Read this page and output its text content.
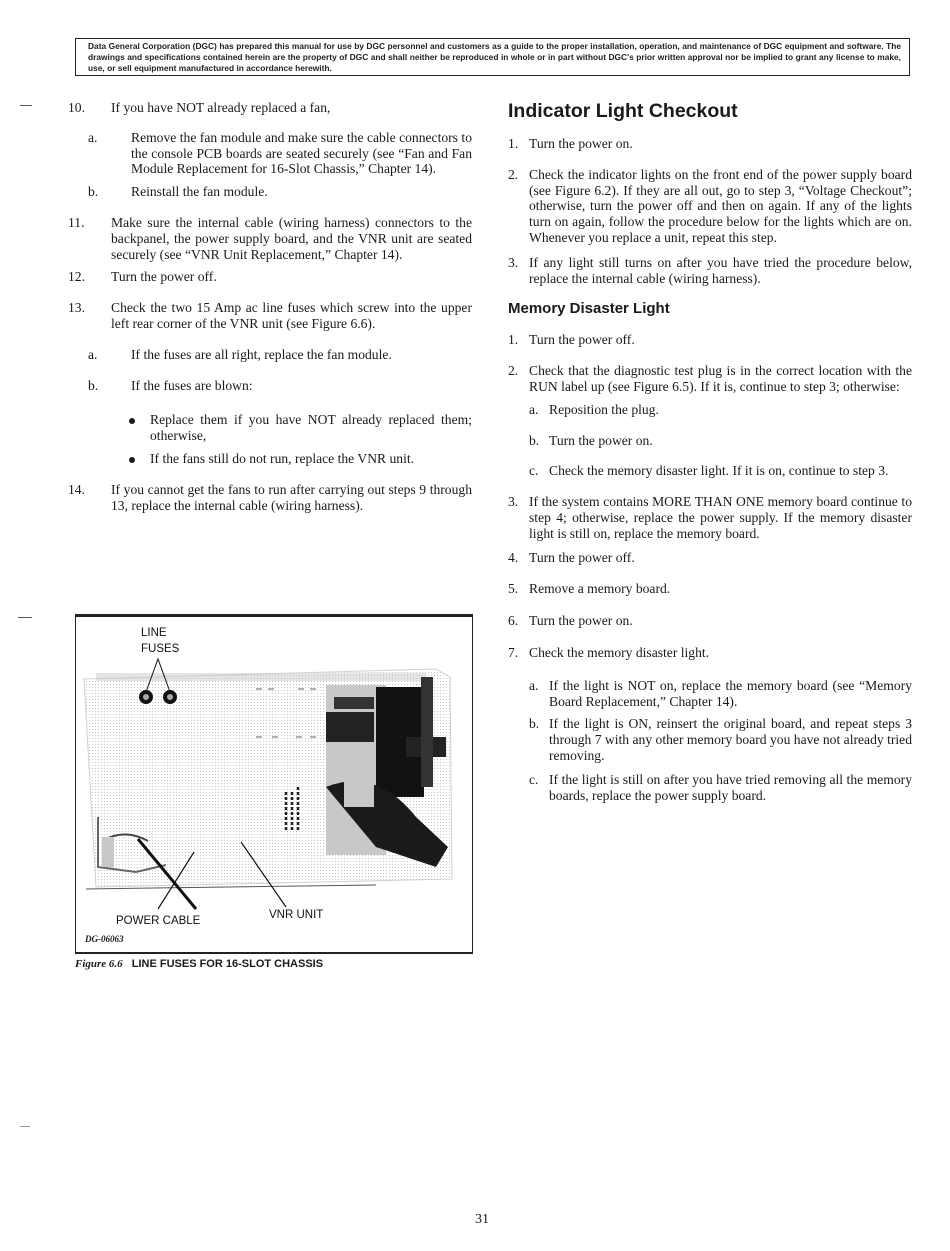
Data General Corporation (DGC) has prepared this manual for use by DGC personnel and customers as a guide to the proper installation, operation, and maintenance of DGC equipment and software. The drawings and specifications contained herein are the property of DGC and shall neither be reproduced in whole or in part without DGC's prior written approval nor be implied to grant any license to make, use, or sell equipment manufactured in accordance herewith.
10. If you have NOT already replaced a fan,
a. Remove the fan module and make sure the cable connectors to the console PCB boards are seated securely (see “Fan and Fan Module Replacement for 16-Slot Chassis,” Chapter 14).
b. Reinstall the fan module.
11. Make sure the internal cable (wiring harness) connectors to the backpanel, the power supply board, and the VNR unit are seated securely (see “VNR Unit Replacement,” Chapter 14).
12. Turn the power off.
13. Check the two 15 Amp ac line fuses which screw into the upper left rear corner of the VNR unit (see Figure 6.6).
a. If the fuses are all right, replace the fan module.
b. If the fuses are blown:
Replace them if you have NOT already replaced them; otherwise,
If the fans still do not run, replace the VNR unit.
14. If you cannot get the fans to run after carrying out steps 9 through 13, replace the internal cable (wiring harness).
LINE
FUSES
POWER CABLE	VNR UNIT
DG-06063
Figure 6.6 LINE FUSES FOR 16-SLOT CHASSIS
Indicator Light Checkout
1. Turn the power on.
2. Check the indicator lights on the front end of the power supply board (see Figure 6.2). If they are all out, go to step 3, “Voltage Checkout”; otherwise, turn the power off and then on again. If any of the lights turn on again, follow the procedure below for the lights which are on. Whenever you replace a unit, repeat this step.
3. If any light still turns on after you have tried the procedure below, replace the internal cable (wiring harness).
Memory Disaster Light
1. Turn the power off.
2. Check that the diagnostic test plug is in the correct location with the RUN label up (see Figure 6.5). If it is, continue to step 3; otherwise:
a. Reposition the plug.
b. Turn the power on.
c. Check the memory disaster light. If it is on, continue to step 3.
3. If the system contains MORE THAN ONE memory board continue to step 4; otherwise, replace the power supply. If the memory disaster light is still on, replace the memory board.
4. Turn the power off.
5. Remove a memory board.
6. Turn the power on.
7. Check the memory disaster light.
a. If the light is NOT on, replace the memory board (see “Memory Board Replacement,” Chapter 14).
b. If the light is ON, reinsert the original board, and repeat steps 3 through 7 with any other memory board you have not already tried removing.
c. If the light is still on after you have tried removing all the memory boards, replace the power supply board.
31
